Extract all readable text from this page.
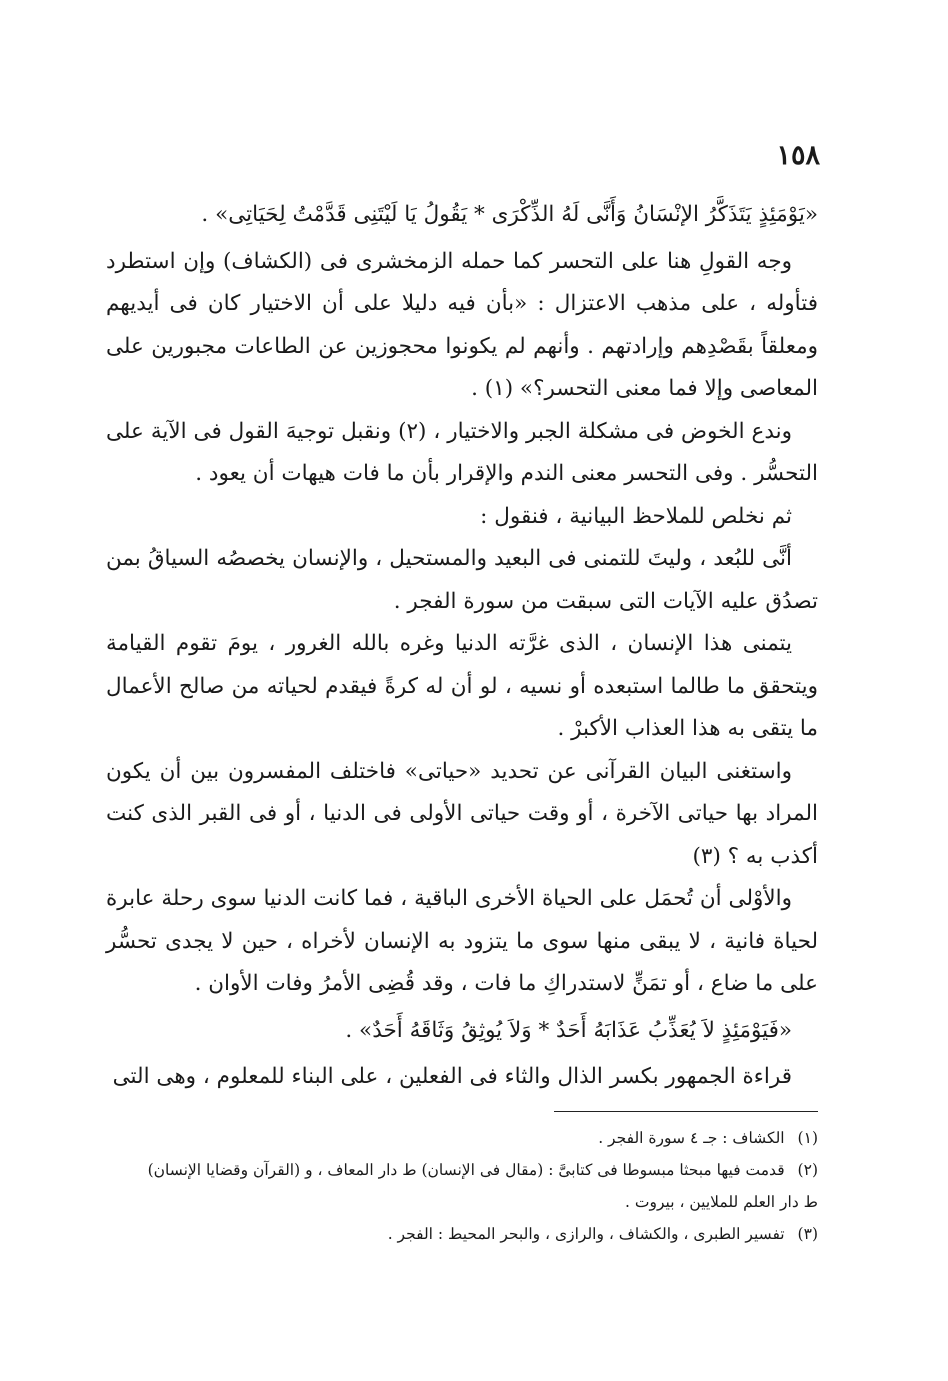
١٥٨

«يَوْمَئِذٍ يَتَذَكَّرُ الإنْسَانُ وَأَنَّى لَهُ الذِّكْرَى * يَقُولُ يَا لَيْتَنِى قَدَّمْتُ لِحَيَاتِى» .

وجه القولِ هنا على التحسر كما حمله الزمخشرى فى (الكشاف) وإن استطرد فتأوله ، على مذهب الاعتزال : «بأن فيه دليلا على أن الاختيار كان فى أيديهم ومعلقاً بقَصْدِهم وإرادتهم . وأنهم لم يكونوا محجوزين عن الطاعات مجبورين على المعاصى وإلا فما معنى التحسر؟» (١) .

وندع الخوض فى مشكلة الجبر والاختيار ، (٢) ونقبل توجيهَ القول فى الآية على التحسُّر . وفى التحسر معنى الندم والإقرار بأن ما فات هيهات أن يعود .

ثم نخلص للملاحظ البيانية ، فنقول :

أنَّى للبُعد ، وليتَ للتمنى فى البعيد والمستحيل ، والإنسان يخصصُه السياقُ بمن تصدُق عليه الآيات التى سبقت من سورة الفجر .

يتمنى هذا الإنسان ، الذى غرَّته الدنيا وغره بالله الغرور ، يومَ تقوم القيامة ويتحقق ما طالما استبعده أو نسيه ، لو أن له كرةً فيقدم لحياته من صالح الأعمال ما يتقى به هذا العذاب الأكبرْ .

واستغنى البيان القرآنى عن تحديد «حياتى» فاختلف المفسرون بين أن يكون المراد بها حياتى الآخرة ، أو وقت حياتى الأولى فى الدنيا ، أو فى القبر الذى كنت أكذب به ؟ (٣)

والأوْلى أن تُحمَل على الحياة الأخرى الباقية ، فما كانت الدنيا سوى رحلة عابرة لحياة فانية ، لا يبقى منها سوى ما يتزود به الإنسان لأخراه ، حين لا يجدى تحسُّر على ما ضاع ، أو تمَنٍّ لاستدراكِ ما فات ، وقد قُضِى الأمرُ وفات الأوان .

«فَيَوْمَئِذٍ لاَ يُعَذِّبُ عَذَابَهُ أَحَدٌ * وَلاَ يُوثِقُ وَثَاقَهُ أَحَدٌ» .

قراءة الجمهور بكسر الذال والثاء فى الفعلين ، على البناء للمعلوم ، وهى التى

(١) الكشاف : جـ ٤ سورة الفجر .

(٢) قدمت فيها مبحثا مبسوطا فى كتابىَّ : (مقال فى الإنسان) ط دار المعاف ، و (القرآن وقضايا الإنسان)
ط دار العلم للملايين ، بيروت .

(٣) تفسير الطبرى ، والكشاف ، والرازى ، والبحر المحيط : الفجر .
